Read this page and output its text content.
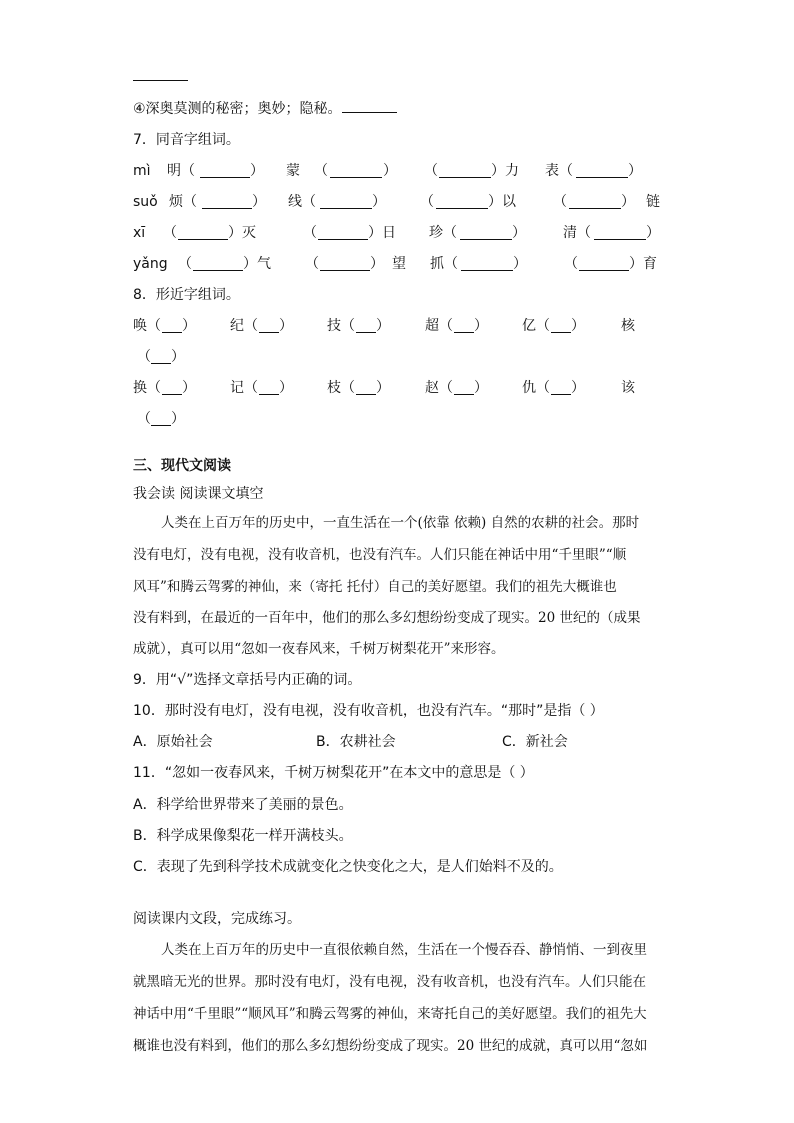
④深奥莫测的秘密；奥妙；隐秘。
7．同音字组词。
mì 明（	） 蒙 （	） （	）力 表（	）
suǒ 烦（	） 线（	） （	）以	（	） 链
xī （	）灭	（	）日 珍（	）	清（	）
yǎng （	）气 （	） 望 抓（	）	（	）育
8．形近字组词。
唤（ ） 纪（ ） 技（ ）	超（ ） 亿（ ）	核
（ ）
换（ ） 记（ ） 枝（ ）	赵（ ） 仇（ ）	该
（ ）
三、现代文阅读
我会读 阅读课文填空
人类在上百万年的历史中，一直生活在一个(依靠 依赖) 自然的农耕的社会。那时
没有电灯，没有电视，没有收音机，也没有汽车。人们只能在神话中用“千里眼”“顺
风耳”和腾云驾雾的神仙，来（寄托 托付）自己的美好愿望。我们的祖先大概谁也
没有料到，在最近的一百年中，他们的那么多幻想纷纷变成了现实。20 世纪的（成果
成就），真可以用“忽如一夜春风来，千树万树梨花开”来形容。
9．用“√”选择文章括号内正确的词。
10．那时没有电灯，没有电视，没有收音机，也没有汽车。“那时”是指（ ）
A．原始社会	B．农耕社会	C．新社会
11．“忽如一夜春风来，千树万树梨花开”在本文中的意思是（ ）
A．科学给世界带来了美丽的景色。
B．科学成果像梨花一样开满枝头。
C．表现了先到科学技术成就变化之快变化之大，是人们始料不及的。
阅读课内文段，完成练习。
人类在上百万年的历史中一直很依赖自然，生活在一个慢吞吞、静悄悄、一到夜里
就黑暗无光的世界。那时没有电灯，没有电视，没有收音机，也没有汽车。人们只能在
神话中用“千里眼”“顺风耳”和腾云驾雾的神仙，来寄托自己的美好愿望。我们的祖先大
概谁也没有料到，他们的那么多幻想纷纷变成了现实。20 世纪的成就，真可以用“忽如
